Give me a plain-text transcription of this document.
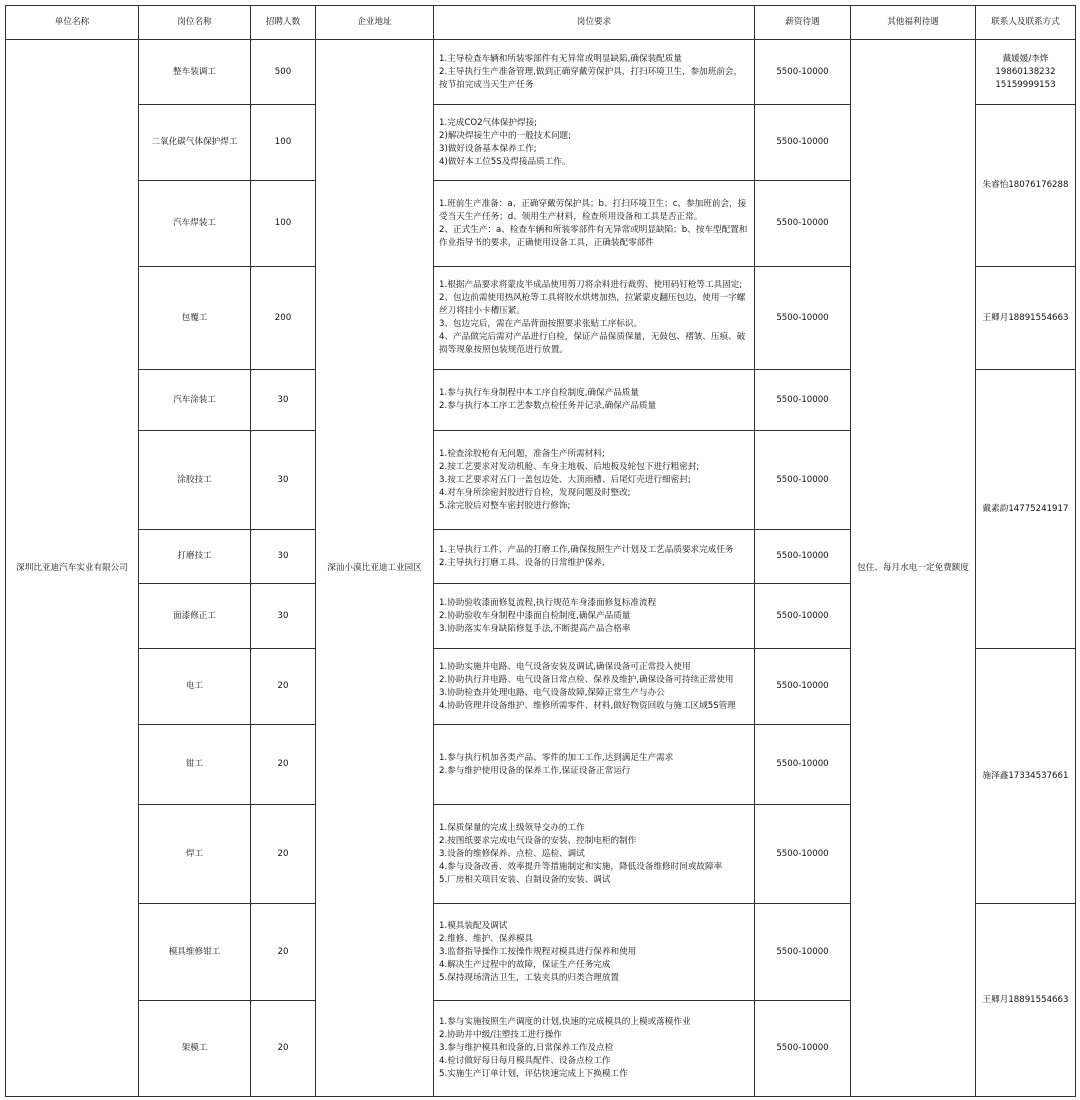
单位名称	岗位名称	招聘人数	企业地址	岗位要求	薪资待遇	其他福利待遇	联系人及联系方式
深圳比亚迪汽车实业有限公司	整车装调工	500	深汕小漠比亚迪工业园区	1.主导检查车辆和所装零部件有无异常或明显缺陷,确保装配质量
2.主导执行生产准备管理,做到正确穿戴劳保护具，打扫环境卫生，参加班前会，按节拍完成当天生产任务	5500-10000	包住、每月水电一定免费额度	戴媛媛/李烨
19860138232
15159999153

	二氧化碳气体保护焊工	100		1.完成CO2气体保护焊接;
2)解决焊接生产中的一般技术问题;
3)做好设备基本保养工作;
4)做好本工位5S及焊接品质工作。	5500-10000		朱睿怡18076176288

	汽车焊装工	100		1.班前生产准备：a、正确穿戴劳保护具；b、打扫环境卫生；c、参加班前会，接受当天生产任务；d、领用生产材料，检查所用设备和工具是否正常。
2、正式生产：a、检查车辆和所装零部件有无异常或明显缺陷；b、按车型配置和作业指导书的要求，正确使用设备工具，正确装配零部件	5500-10000		
	包覆工	200		1.根据产品要求将蒙皮半成品使用剪刀将余料进行裁剪、使用码钉枪等工具固定;
2、包边前需使用热风枪等工具将胶水烘烤加热，拉紧蒙皮翻压包边，使用一字螺丝刀将挂小卡槽压紧。
3、包边完后，需在产品背面按照要求张贴工序标识。
4、产品做完后需对产品进行自检，保证产品保质保量，无鼓包、褶皱、压痕、破损等现象按照包装规范进行放置。	5500-10000		王卿月18891554663

	汽车涂装工	30		1.参与执行车身制程中本工序自检制度,确保产品质量
2.参与执行本工序工艺参数点检任务并记录,确保产品质量	5500-10000		戴素韵14775241917

	涂胶技工	30		1.检查涂胶枪有无问题，准备生产所需材料;
2.按工艺要求对发动机舱、车身主地板、后地板及轮包下进行粗密封;
3.按工艺要求对五门一盖包边处、大顶雨槽、后尾灯壳进行细密封;
4.对车身所涂密封胶进行自检，发现问题及时整改;
5.涂完胶后对整车密封胶进行修饰;	5500-10000		
	打磨技工	30		1.主导执行工件、产品的打磨工作,确保按照生产计划及工艺品质要求完成任务
2.主导执行打磨工具、设备的日常维护保养,	5500-10000		
	面漆修正工	30		1.协助验收漆面修复流程,执行规范车身漆面修复标准流程
2.协助验收车身制程中漆面自检制度,确保产品质量
3.协助落实车身缺陷修复手法,不断提高产品合格率	5500-10000		
	电工	20		1.协助实施并电路、电气设备安装及调试,确保设备可正常投入使用
2.协助执行并电路、电气设备日常点检、保养及维护,确保设备可持续正常使用
3.协助检查并处理电路、电气设备故障,保障正常生产与办公
4.协助管理并设备维护、维修所需零件、材料,做好物资回收与施工区域5S管理	5500-10000		施泽鑫17334537661

	钳工	20		1.参与执行机加各类产品、零件的加工工作,达到满足生产需求
2.参与维护使用设备的保养工作,保证设备正常运行	5500-10000		
	焊工	20		1.保质保量的完成上级领导交办的工作
2.按图纸要求完成电气设备的安装、控制电柜的制作
3.设备的维修保养、点检、巡检、调试
4.参与设备改善、效率提升等措施制定和实施，降低设备维修时间或故障率
5.厂房相关项目安装、自制设备的安装、调试	5500-10000		
	模具维修钳工	20		1.模具装配及调试
2.维修、维护、保养模具
3.监督指导操作工按操作规程对模具进行保养和使用
4.解决生产过程中的故障，保证生产任务完成
5.保持现场清洁卫生，工装夹具的归类合理放置	5500-10000		王卿月18891554663

	架模工	20		1.参与实施按照生产调度的计划,快速的完成模具的上模或落模作业
2.协助并中级/注塑技工进行操作
3.参与维护模具和设备的,日常保养工作及点检
4.检讨做好每日每月模具配件、设备点检工作
5.实施生产订单计划，评估快速完成上下换模工作	5500-10000		
